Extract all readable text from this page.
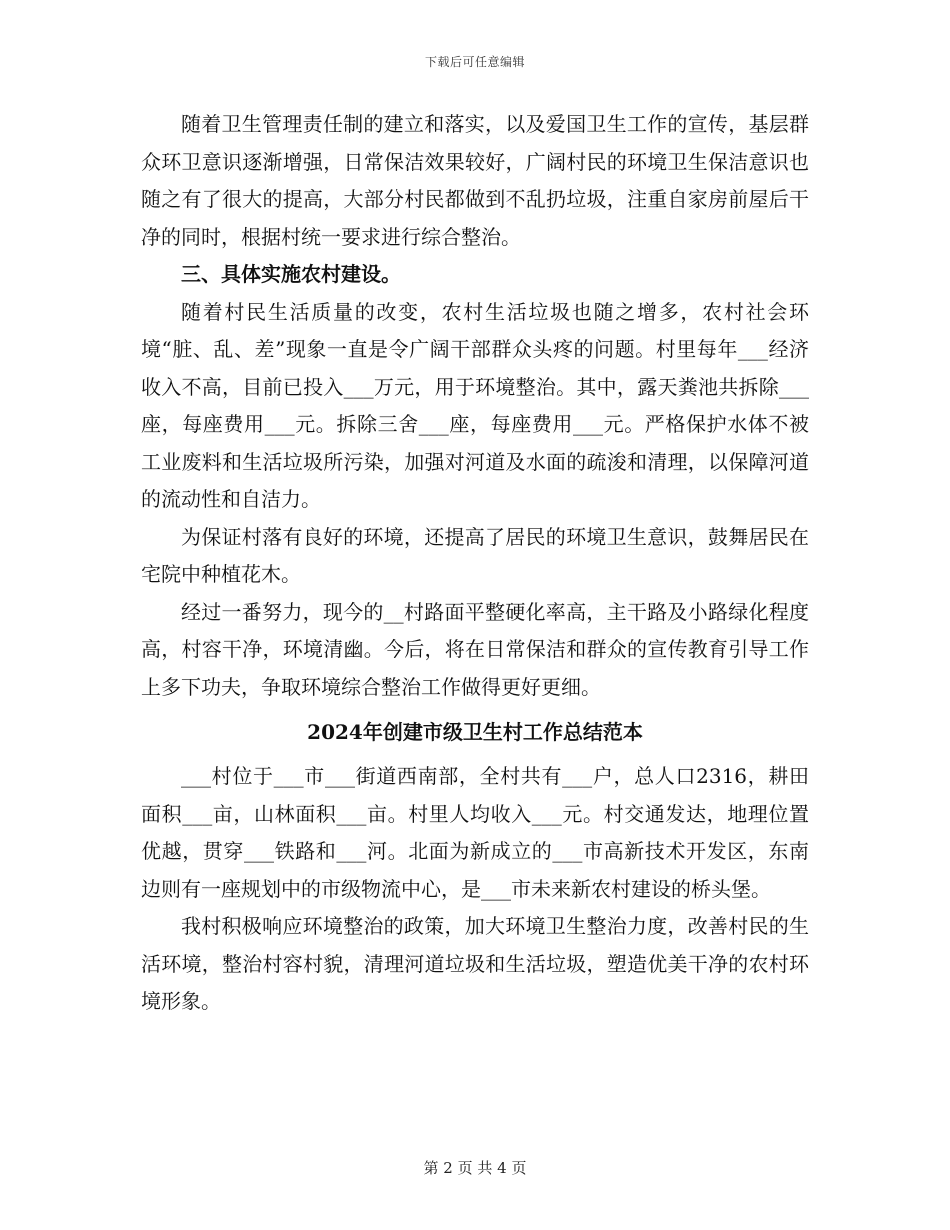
下载后可任意编辑

随着卫生管理责任制的建立和落实，以及爱国卫生工作的宣传，基层群众环卫意识逐渐增强，日常保洁效果较好，广阔村民的环境卫生保洁意识也随之有了很大的提高，大部分村民都做到不乱扔垃圾，注重自家房前屋后干净的同时，根据村统一要求进行综合整治。

三、具体实施农村建设。

随着村民生活质量的改变，农村生活垃圾也随之增多，农村社会环境“脏、乱、差”现象一直是令广阔干部群众头疼的问题。村里每年___经济收入不高，目前已投入___万元，用于环境整治。其中，露天粪池共拆除___座，每座费用___元。拆除三舍___座，每座费用___元。严格保护水体不被工业废料和生活垃圾所污染，加强对河道及水面的疏浚和清理，以保障河道的流动性和自洁力。

为保证村落有良好的环境，还提高了居民的环境卫生意识，鼓舞居民在宅院中种植花木。

经过一番努力，现今的__村路面平整硬化率高，主干路及小路绿化程度高，村容干净，环境清幽。今后，将在日常保洁和群众的宣传教育引导工作上多下功夫，争取环境综合整治工作做得更好更细。

2024年创建市级卫生村工作总结范本

___村位于___市___街道西南部，全村共有___户，总人口2316，耕田面积___亩，山林面积___亩。村里人均收入___元。村交通发达，地理位置优越，贯穿___铁路和___河。北面为新成立的___市高新技术开发区，东南边则有一座规划中的市级物流中心，是___市未来新农村建设的桥头堡。

我村积极响应环境整治的政策，加大环境卫生整治力度，改善村民的生活环境，整治村容村貌，清理河道垃圾和生活垃圾，塑造优美干净的农村环境形象。

第 2 页 共 4 页
